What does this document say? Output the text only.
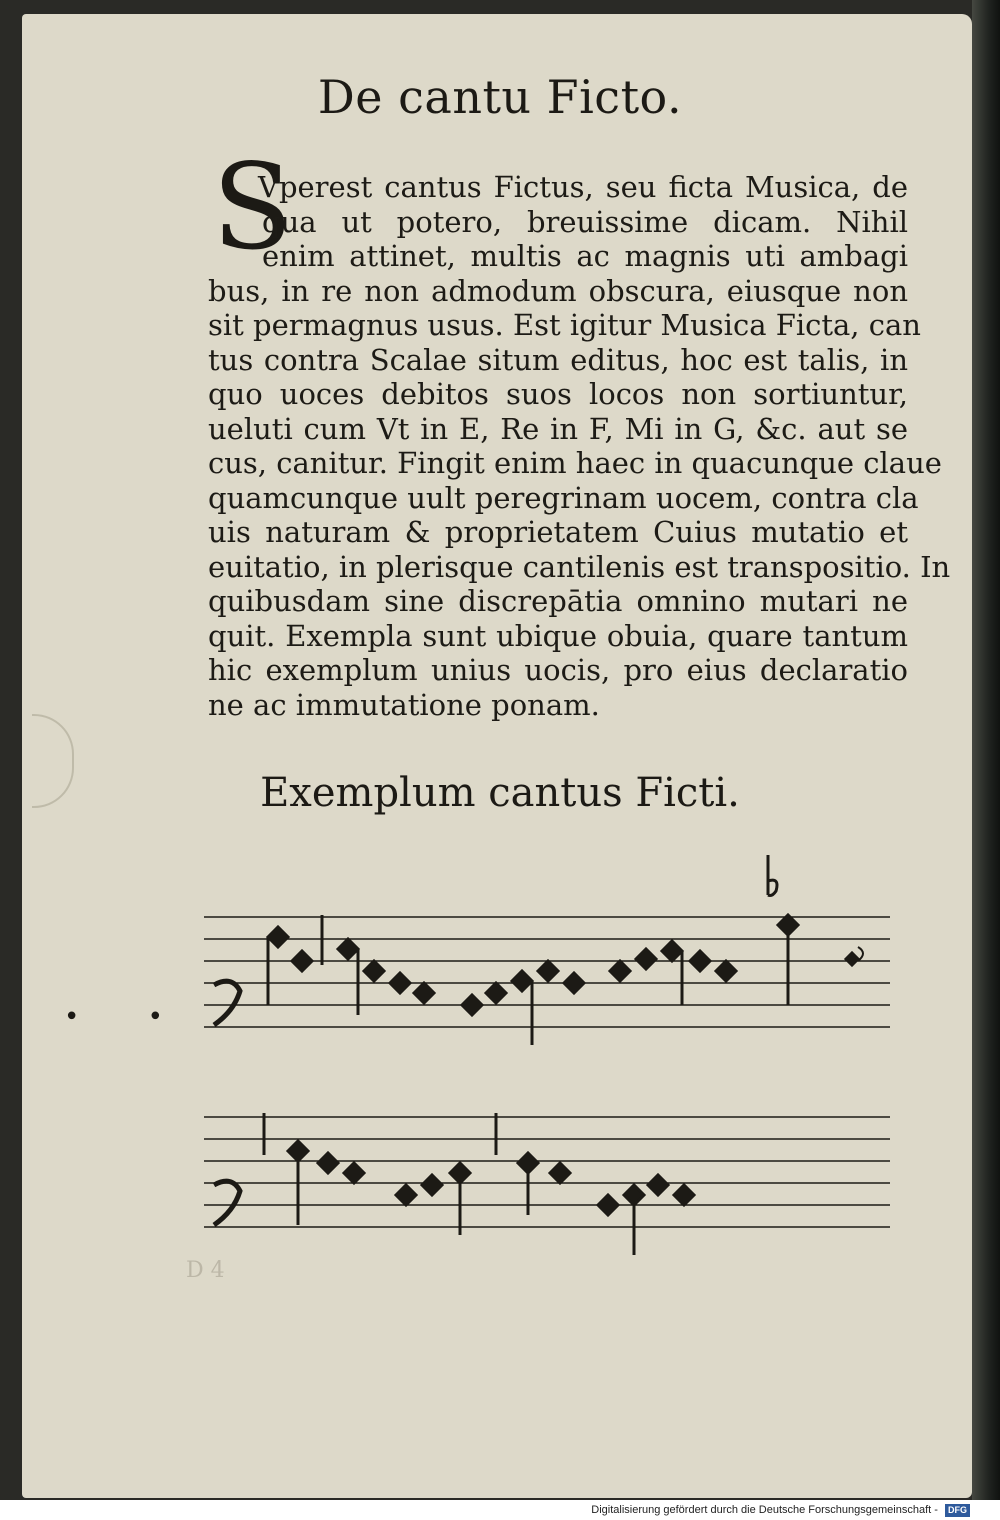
De cantu Ficto.
S
Vperest cantus Fictus, seu ficta Musica, de
qua ut potero, breuissime dicam. Nihil
enim attinet, multis ac magnis uti ambagi
bus, in re non admodum obscura, eiusque non
sit permagnus usus. Est igitur Musica Ficta, can
tus contra Scalae situm editus, hoc est talis, in
quo uoces debitos suos locos non sortiuntur,
ueluti cum Vt in E, Re in F, Mi in G, &c. aut se
cus, canitur. Fingit enim haec in quacunque claue
quamcunque uult peregrinam uocem, contra cla
uis naturam & proprietatem Cuius mutatio et
euitatio, in plerisque cantilenis est transpositio. In
quibusdam sine discrepātia omnino mutari ne
quit. Exempla sunt ubique obuia, quare tantum
hic exemplum unius uocis, pro eius declaratio
ne ac immutatione ponam.
Exemplum cantus Ficti.
• •
D 4
Digitalisierung gefördert durch die Deutsche Forschungsgemeinschaft - DFG
